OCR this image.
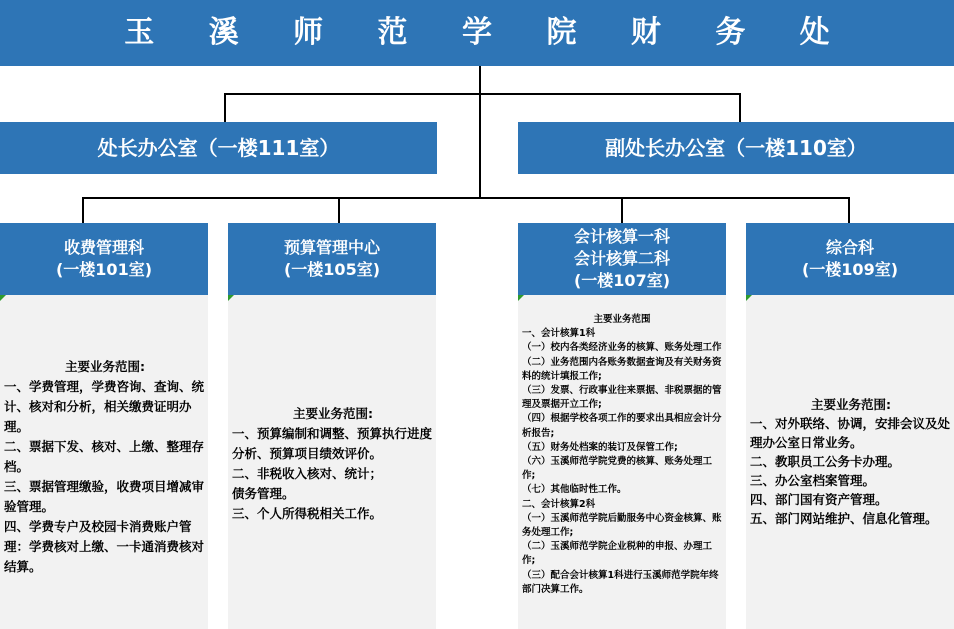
玉 溪 师 范 学 院 财 务 处
处长办公室（一楼111室）	副处长办公室（一楼110室）
收费管理科
(一楼101室)
预算管理中心
(一楼105室)
会计核算一科
会计核算二科
(一楼107室)
综合科
(一楼109室)
主要业务范围:
一、学费管理，学费咨询、查询、统计、核对和分析，相关缴费证明办理。
二、票据下发、核对、上缴、整理存档。
三、票据管理缴验，收费项目增减审验管理。
四、学费专户及校园卡消费账户管理：学费核对上缴、一卡通消费核对结算。
主要业务范围:
一、预算编制和调整、预算执行进度分析、预算项目绩效评价。
二、非税收入核对、统计；
债务管理。
三、个人所得税相关工作。
主要业务范围
一、会计核算1科
（一）校内各类经济业务的核算、账务处理工作
（二）业务范围内各账务数据查询及有关财务资料的统计填报工作;
（三）发票、行政事业往来票据、非税票据的管理及票据开立工作;
（四）根据学校各项工作的要求出具相应会计分析报告;
（五）财务处档案的装订及保管工作;
（六）玉溪师范学院党费的核算、账务处理工作;
（七）其他临时性工作。
二、会计核算2科
（一）玉溪师范学院后勤服务中心资金核算、账务处理工作;
（二）玉溪师范学院企业税种的申报、办理工作;
（三）配合会计核算1科进行玉溪师范学院年终部门决算工作。
主要业务范围:
一、对外联络、协调，安排会议及处理办公室日常业务。
二、教职员工公务卡办理。
三、办公室档案管理。
四、部门国有资产管理。
五、部门网站维护、信息化管理。
